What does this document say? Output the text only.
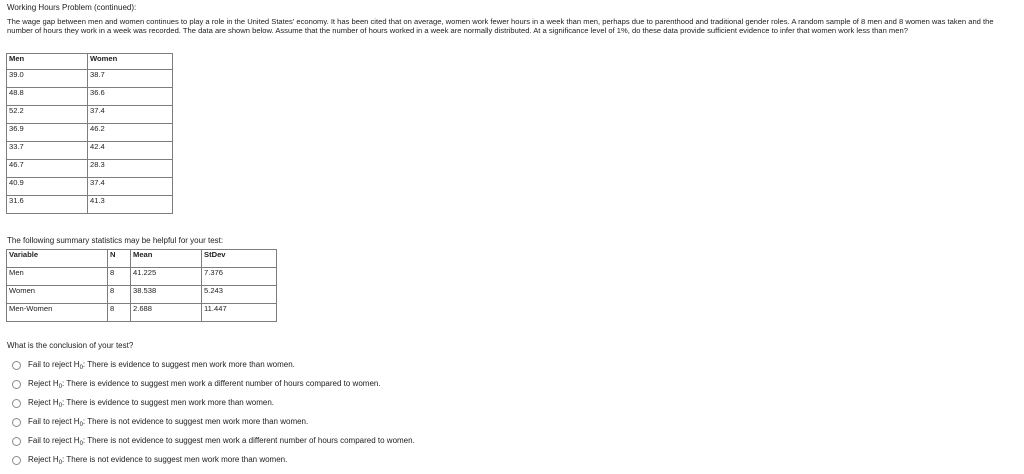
Working Hours Problem (continued):
The wage gap between men and women continues to play a role in the United States' economy. It has been cited that on average, women work fewer hours in a week than men, perhaps due to parenthood and traditional gender roles. A random sample of 8 men and 8 women was taken and the number of hours they work in a week was recorded. The data are shown below. Assume that the number of hours worked in a week are normally distributed. At a significance level of 1%, do these data provide sufficient evidence to infer that women work less than men?
Men	Women
39.0	38.7
48.8	36.6
52.2	37.4
36.9	46.2
33.7	42.4
46.7	28.3
40.9	37.4
31.6	41.3
The following summary statistics may be helpful for your test:
Variable	N	Mean	StDev
Men	8	41.225	7.376
Women	8	38.538	5.243
Men-Women	8	2.688	11.447
What is the conclusion of your test?
Fail to reject $H_0$: There is evidence to suggest men work more than women.
Reject $H_0$: There is evidence to suggest men work a different number of hours compared to women.
Reject $H_0$: There is evidence to suggest men work more than women.
Fail to reject $H_0$: There is not evidence to suggest men work more than women.
Fail to reject $H_0$: There is not evidence to suggest men work a different number of hours compared to women.
Reject $H_0$: There is not evidence to suggest men work more than women.
